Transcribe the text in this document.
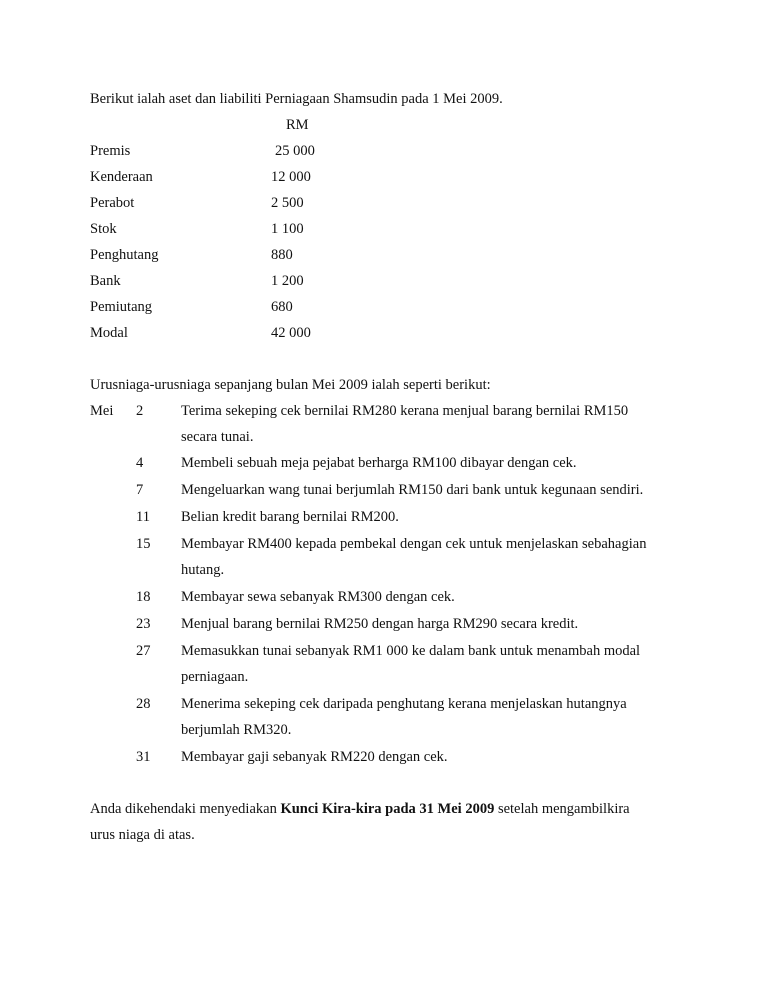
Berikut ialah aset dan liabiliti Perniagaan Shamsudin pada 1 Mei 2009.
RM
Premis	25 000
Kenderaan	12 000
Perabot	2 500
Stok	1 100
Penghutang	880
Bank	1 200
Pemiutang	680
Modal	42 000
Urusniaga-urusniaga sepanjang bulan Mei 2009 ialah seperti berikut:
Mei 2	Terima sekeping cek bernilai RM280 kerana menjual barang bernilai RM150
secara tunai.
4	Membeli sebuah meja pejabat berharga RM100 dibayar dengan cek.
7	Mengeluarkan wang tunai berjumlah RM150 dari bank untuk kegunaan sendiri.
11 Belian kredit barang bernilai RM200.
15 Membayar RM400 kepada pembekal dengan cek untuk menjelaskan sebahagian
hutang.
18 Membayar sewa sebanyak RM300 dengan cek.
23 Menjual barang bernilai RM250 dengan harga RM290 secara kredit.
27 Memasukkan tunai sebanyak RM1 000 ke dalam bank untuk menambah modal
perniagaan.
28 Menerima sekeping cek daripada penghutang kerana menjelaskan hutangnya
berjumlah RM320.
31 Membayar gaji sebanyak RM220 dengan cek.
Anda dikehendaki menyediakan Kunci Kira-kira pada 31 Mei 2009 setelah mengambilkira
urus niaga di atas.
